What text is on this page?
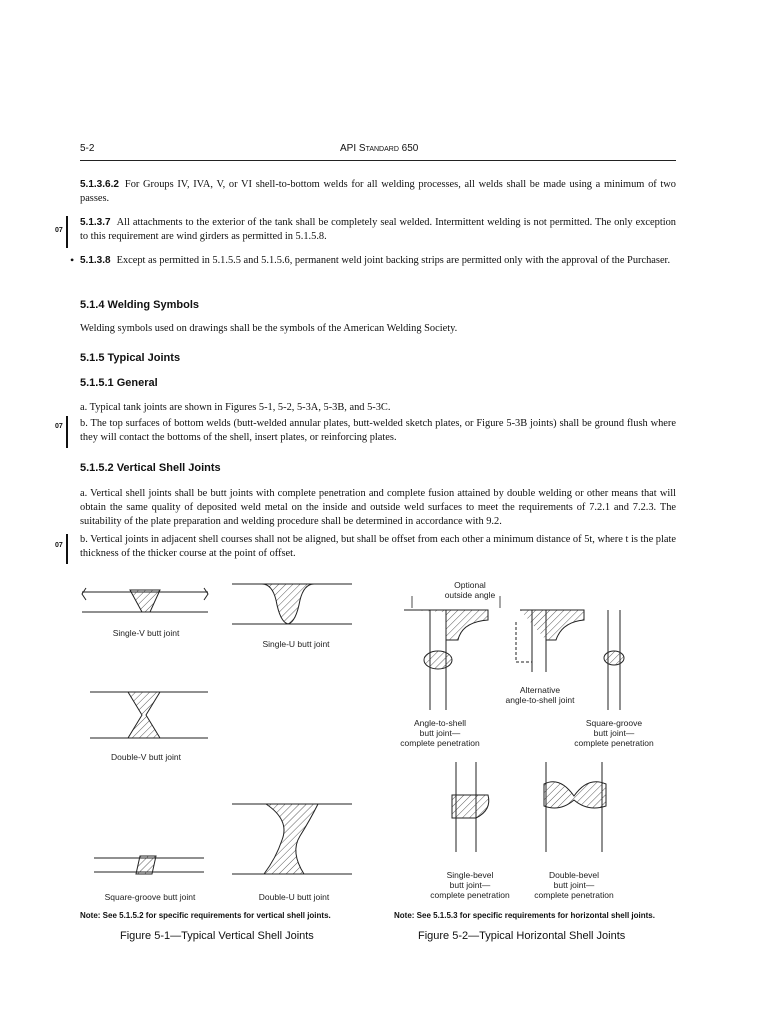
5-2	API Standard 650
07
•
07
07
5.1.3.6.2 For Groups IV, IVA, V, or VI shell-to-bottom welds for all welding processes, all welds shall be made using a minimum of two passes.
5.1.3.7 All attachments to the exterior of the tank shall be completely seal welded. Intermittent welding is not permitted. The only exception to this requirement are wind girders as permitted in 5.1.5.8.
5.1.3.8 Except as permitted in 5.1.5.5 and 5.1.5.6, permanent weld joint backing strips are permitted only with the approval of the Purchaser.
5.1.4 Welding Symbols
Welding symbols used on drawings shall be the symbols of the American Welding Society.
5.1.5 Typical Joints
5.1.5.1 General
a. Typical tank joints are shown in Figures 5-1, 5-2, 5-3A, 5-3B, and 5-3C.
b. The top surfaces of bottom welds (butt-welded annular plates, butt-welded sketch plates, or Figure 5-3B joints) shall be ground flush where they will contact the bottoms of the shell, insert plates, or reinforcing plates.
5.1.5.2 Vertical Shell Joints
a. Vertical shell joints shall be butt joints with complete penetration and complete fusion attained by double welding or other means that will obtain the same quality of deposited weld metal on the inside and outside weld surfaces to meet the requirements of 7.2.1 and 7.2.3. The suitability of the plate preparation and welding procedure shall be determined in accordance with 9.2.
b. Vertical joints in adjacent shell courses shall not be aligned, but shall be offset from each other a minimum distance of 5t, where t is the plate thickness of the thicker course at the point of offset.
Single-V butt joint
Single-U butt joint
Double-V butt joint
Square-groove butt joint	Double-U butt joint
Note: See 5.1.5.2 for specific requirements for vertical shell joints.
Figure 5-1—Typical Vertical Shell Joints
Optional
outside angle
Alternative
angle-to-shell joint
Angle-to-shell
butt joint—
complete penetration
Square-groove
butt joint—
complete penetration
Single-bevel
butt joint—
complete penetration
Double-bevel
butt joint—
complete penetration
Note: See 5.1.5.3 for specific requirements for horizontal shell joints.
Figure 5-2—Typical Horizontal Shell Joints
